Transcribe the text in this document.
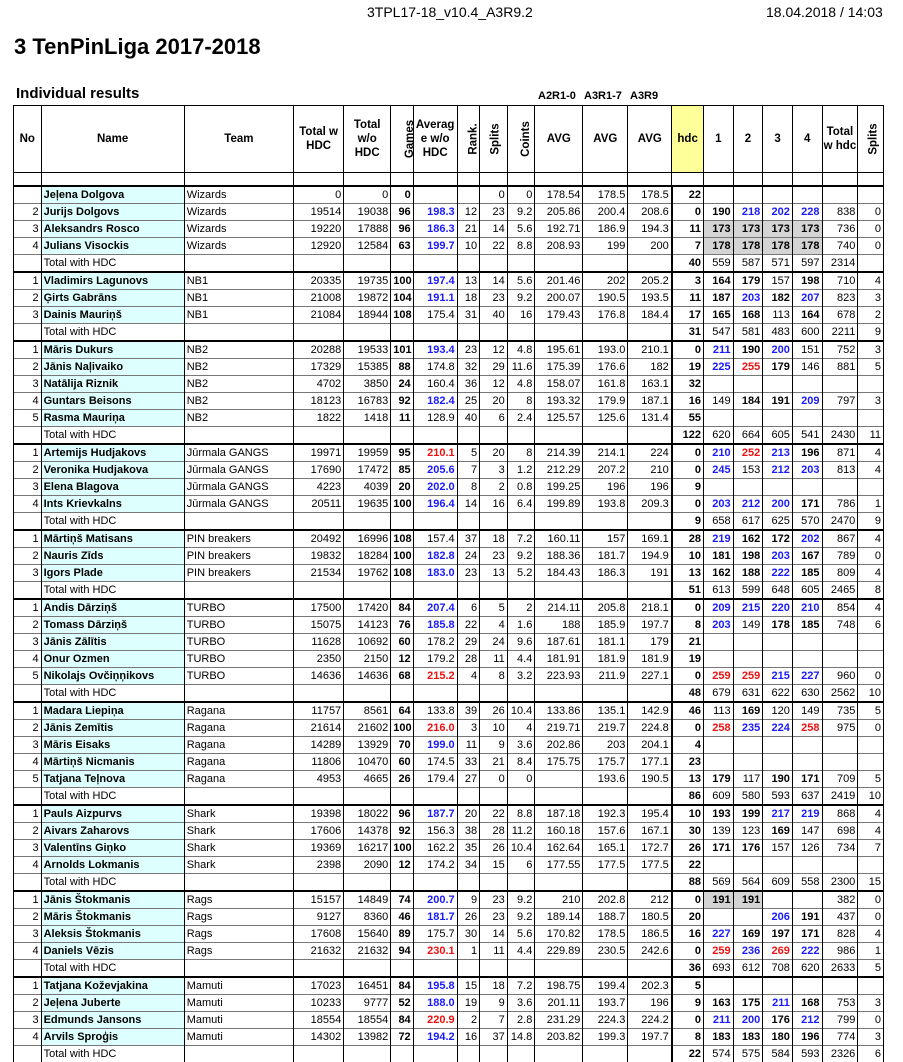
3TPL17-18_v10.4_A3R9.2	18.04.2018 / 14:03
3 TenPinLiga 2017-2018
Individual results	A2R1-0 A3R1-7 A3R9
No	Name	Team	Total w HDC	Total w/o HDC	Games	Averag e w/o HDC	Rank.	Splits	Coints	AVG	AVG	AVG	hdc	1	2	3	4	Total w hdc	Splits

	Jeļena Dolgova	Wizards	0	0	0			0	0	178.54	178.5	178.5	22						
2	Jurijs Dolgovs	Wizards	19514	19038	96	198.3	12	23	9.2	205.86	200.4	208.6	0	190	218	202	228	838	0
3	Aleksandrs Rosco	Wizards	19220	17888	96	186.3	21	14	5.6	192.71	186.9	194.3	11	173	173	173	173	736	0
4	Julians Visockis	Wizards	12920	12584	63	199.7	10	22	8.8	208.93	199	200	7	178	178	178	178	740	0
	Total with HDC												40	559	587	571	597	2314	
1	Vladimirs Lagunovs	NB1	20335	19735	100	197.4	13	14	5.6	201.46	202	205.2	3	164	179	157	198	710	4
2	Ģirts Gabrāns	NB1	21008	19872	104	191.1	18	23	9.2	200.07	190.5	193.5	11	187	203	182	207	823	3
3	Dainis Mauriņš	NB1	21084	18944	108	175.4	31	40	16	179.43	176.8	184.4	17	165	168	113	164	678	2
	Total with HDC												31	547	581	483	600	2211	9
1	Māris Dukurs	NB2	20288	19533	101	193.4	23	12	4.8	195.61	193.0	210.1	0	211	190	200	151	752	3
2	Jānis Naļivaiko	NB2	17329	15385	88	174.8	32	29	11.6	175.39	176.6	182	19	225	255	179	146	881	5
3	Natālija Riznik	NB2	4702	3850	24	160.4	36	12	4.8	158.07	161.8	163.1	32						
4	Guntars Beisons	NB2	18123	16783	92	182.4	25	20	8	193.32	179.9	187.1	16	149	184	191	209	797	3
5	Rasma Mauriņa	NB2	1822	1418	11	128.9	40	6	2.4	125.57	125.6	131.4	55						
	Total with HDC												122	620	664	605	541	2430	11
1	Artemijs Hudjakovs	Jūrmala GANGS	19971	19959	95	210.1	5	20	8	214.39	214.1	224	0	210	252	213	196	871	4
2	Veronika Hudjakova	Jūrmala GANGS	17690	17472	85	205.6	7	3	1.2	212.29	207.2	210	0	245	153	212	203	813	4
3	Elena Blagova	Jūrmala GANGS	4223	4039	20	202.0	8	2	0.8	199.25	196	196	9						
4	Ints Krievkalns	Jūrmala GANGS	20511	19635	100	196.4	14	16	6.4	199.89	193.8	209.3	0	203	212	200	171	786	1
	Total with HDC												9	658	617	625	570	2470	9
1	Mārtiņš Matisans	PIN breakers	20492	16996	108	157.4	37	18	7.2	160.11	157	169.1	28	219	162	172	202	867	4
2	Nauris Zīds	PIN breakers	19832	18284	100	182.8	24	23	9.2	188.36	181.7	194.9	10	181	198	203	167	789	0
3	Igors Plade	PIN breakers	21534	19762	108	183.0	23	13	5.2	184.43	186.3	191	13	162	188	222	185	809	4
	Total with HDC												51	613	599	648	605	2465	8
1	Andis Dārziņš	TURBO	17500	17420	84	207.4	6	5	2	214.11	205.8	218.1	0	209	215	220	210	854	4
2	Tomass Dārziņš	TURBO	15075	14123	76	185.8	22	4	1.6	188	185.9	197.7	8	203	149	178	185	748	6
3	Jānis Zālītis	TURBO	11628	10692	60	178.2	29	24	9.6	187.61	181.1	179	21						
4	Onur Ozmen	TURBO	2350	2150	12	179.2	28	11	4.4	181.91	181.9	181.9	19						
5	Nikolajs Ovčiņņikovs	TURBO	14636	14636	68	215.2	4	8	3.2	223.93	211.9	227.1	0	259	259	215	227	960	0
	Total with HDC												48	679	631	622	630	2562	10
1	Madara Liepiņa	Ragana	11757	8561	64	133.8	39	26	10.4	133.86	135.1	142.9	46	113	169	120	149	735	5
2	Jānis Zemītis	Ragana	21614	21602	100	216.0	3	10	4	219.71	219.7	224.8	0	258	235	224	258	975	0
3	Māris Eisaks	Ragana	14289	13929	70	199.0	11	9	3.6	202.86	203	204.1	4						
4	Mārtiņš Nicmanis	Ragana	11806	10470	60	174.5	33	21	8.4	175.75	175.7	177.1	23						
5	Tatjana Teļnova	Ragana	4953	4665	26	179.4	27	0	0		193.6	190.5	13	179	117	190	171	709	5
	Total with HDC												86	609	580	593	637	2419	10
1	Pauls Aizpurvs	Shark	19398	18022	96	187.7	20	22	8.8	187.18	192.3	195.4	10	193	199	217	219	868	4
2	Aivars Zaharovs	Shark	17606	14378	92	156.3	38	28	11.2	160.18	157.6	167.1	30	139	123	169	147	698	4
3	Valentīns Giņko	Shark	19369	16217	100	162.2	35	26	10.4	162.64	165.1	172.7	26	171	176	157	126	734	7
4	Arnolds Lokmanis	Shark	2398	2090	12	174.2	34	15	6	177.55	177.5	177.5	22						
	Total with HDC												88	569	564	609	558	2300	15
1	Jānis Štokmanis	Rags	15157	14849	74	200.7	9	23	9.2	210	202.8	212	0	191	191			382	0
2	Māris Štokmanis	Rags	9127	8360	46	181.7	26	23	9.2	189.14	188.7	180.5	20			206	191	437	0
3	Aleksis Štokmanis	Rags	17608	15640	89	175.7	30	14	5.6	170.82	178.5	186.5	16	227	169	197	171	828	4
4	Daniels Vēzis	Rags	21632	21632	94	230.1	1	11	4.4	229.89	230.5	242.6	0	259	236	269	222	986	1
	Total with HDC												36	693	612	708	620	2633	5
1	Tatjana Koževjakina	Mamuti	17023	16451	84	195.8	15	18	7.2	198.75	199.4	202.3	5						
2	Jeļena Juberte	Mamuti	10233	9777	52	188.0	19	9	3.6	201.11	193.7	196	9	163	175	211	168	753	3
3	Edmunds Jansons	Mamuti	18554	18554	84	220.9	2	7	2.8	231.29	224.3	224.2	0	211	200	176	212	799	0
4	Arvils Sproģis	Mamuti	14302	13982	72	194.2	16	37	14.8	203.82	199.3	197.7	8	183	183	180	196	774	3
	Total with HDC												22	574	575	584	593	2326	6
